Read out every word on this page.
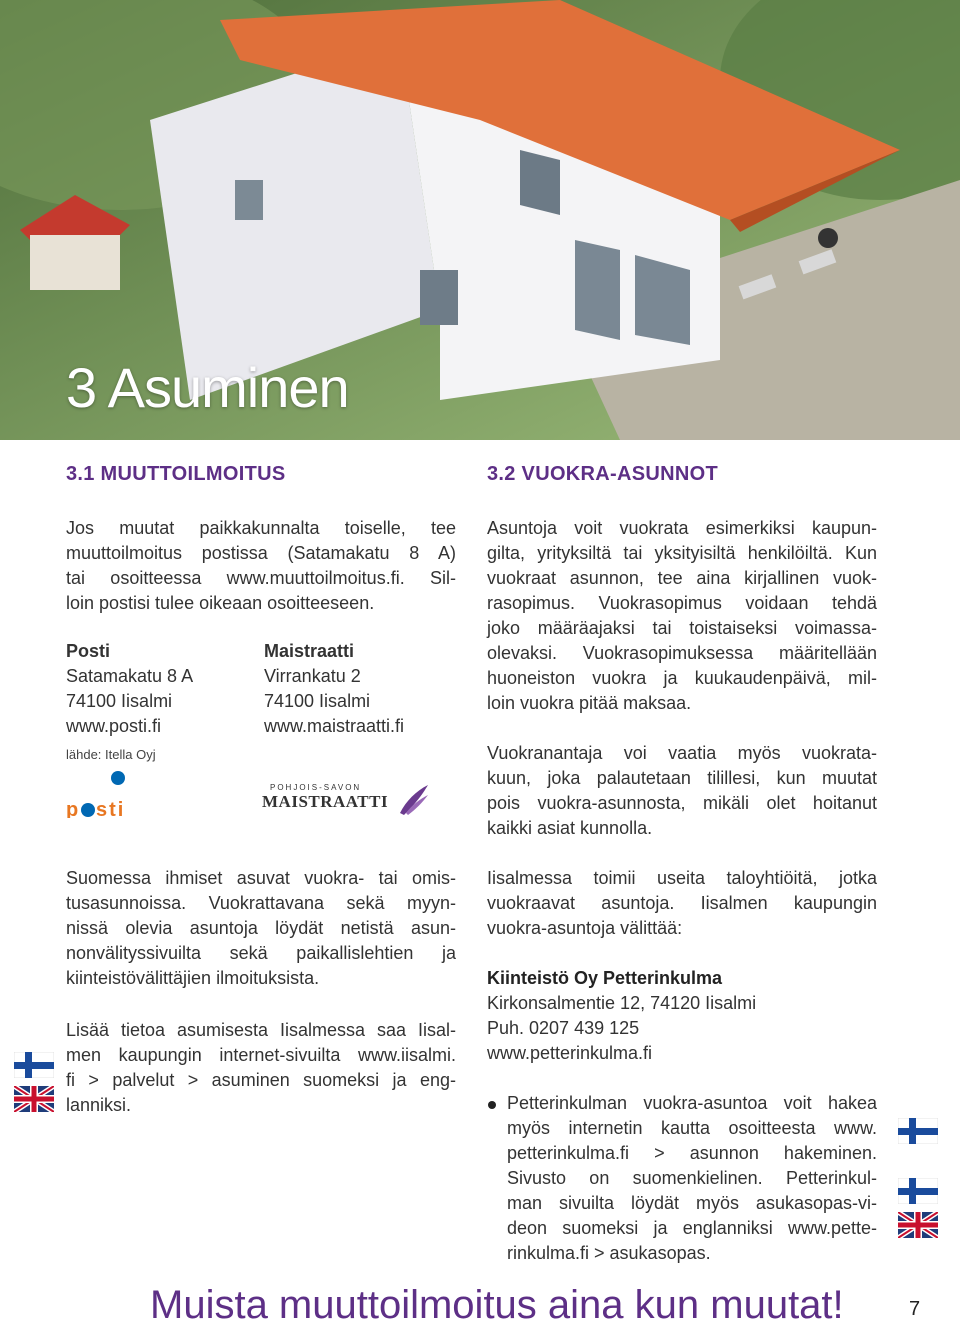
3 Asuminen
3.1 MUUTTOILMOITUS
Jos muutat paikkakunnalta toiselle, tee
muuttoilmoitus postissa (Satamakatu 8 A)
tai osoitteessa www.muuttoilmoitus.fi. Sil-
loin postisi tulee oikeaan osoitteeseen.
Posti
Satamakatu 8 A
74100 Iisalmi
www.posti.fi
lähde: Itella Oyj
Maistraatti
Virrankatu 2
74100 Iisalmi
www.maistraatti.fi
p sti
POHJOIS-SAVON
MAISTRAATTI
Suomessa ihmiset asuvat vuokra- tai omis-
tusasunnoissa. Vuokrattavana sekä myyn-
nissä olevia asuntoja löydät netistä asun-
nonvälityssivuilta sekä paikallislehtien ja
kiinteistövälittäjien ilmoituksista.
Lisää tietoa asumisesta Iisalmessa saa Iisal-
men kaupungin internet-sivuilta www.iisalmi.
fi > palvelut > asuminen suomeksi ja eng-
lanniksi.
3.2 VUOKRA-ASUNNOT
Asuntoja voit vuokrata esimerkiksi kaupun-
gilta, yrityksiltä tai yksityisiltä henkilöiltä. Kun
vuokraat asunnon, tee aina kirjallinen vuok-
rasopimus. Vuokrasopimus voidaan tehdä
joko määräajaksi tai toistaiseksi voimassa-
olevaksi. Vuokrasopimuksessa määritellään
huoneiston vuokra ja kuukaudenpäivä, mil-
loin vuokra pitää maksaa.
Vuokranantaja voi vaatia myös vuokrata-
kuun, joka palautetaan tilillesi, kun muutat
pois vuokra-asunnosta, mikäli olet hoitanut
kaikki asiat kunnolla.
Iisalmessa toimii useita taloyhtiöitä, jotka
vuokraavat asuntoja. Iisalmen kaupungin
vuokra-asuntoja välittää:
Kiinteistö Oy Petterinkulma
Kirkonsalmentie 12, 74120 Iisalmi
Puh. 0207 439 125
www.petterinkulma.fi
Petterinkulman vuokra-asuntoa voit hakea
myös internetin kautta osoitteesta www.
petterinkulma.fi > asunnon hakeminen.
Sivusto on suomenkielinen. Petterinkul-
man sivuilta löydät myös asukasopas-vi-
deon suomeksi ja englanniksi www.pette-
rinkulma.fi > asukasopas.
Muista muuttoilmoitus aina kun muutat!	7
